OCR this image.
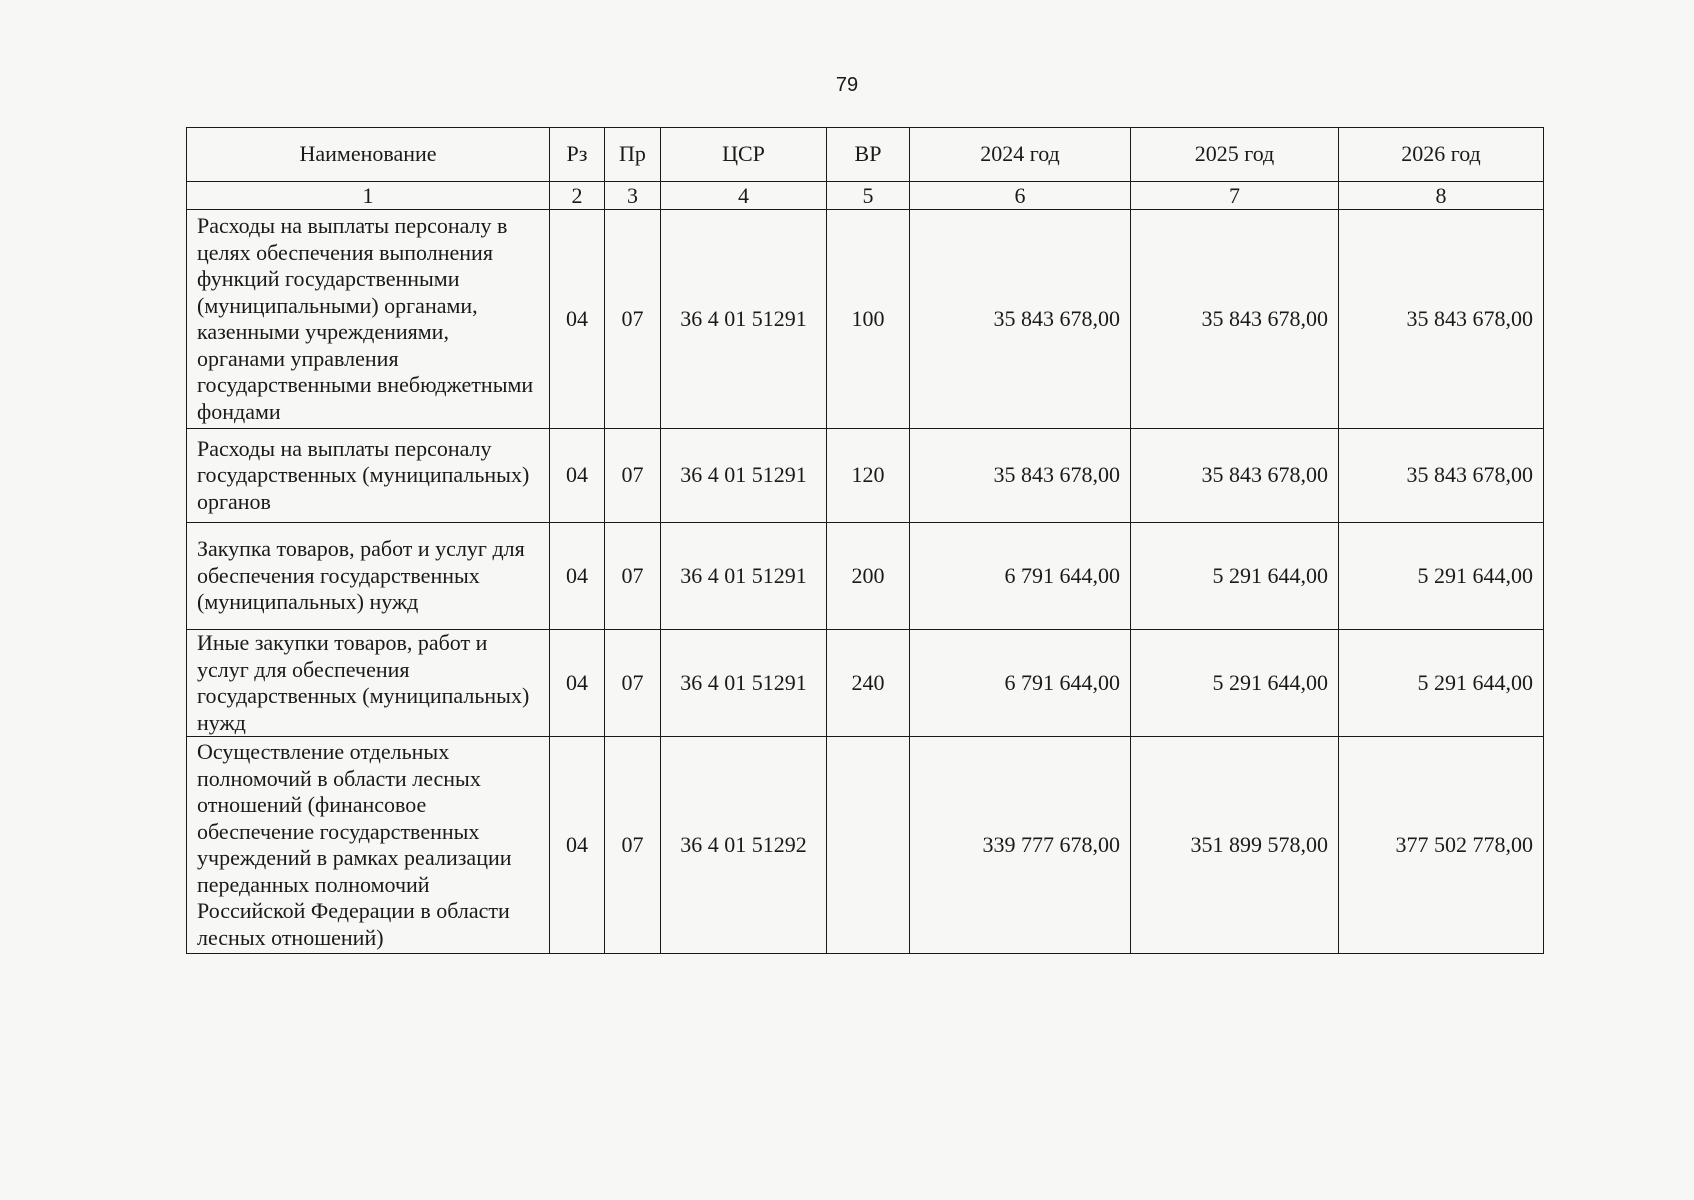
79
Наименование	Рз	Пр	ЦСР	ВР	2024 год	2025 год	2026 год
1	2	3	4	5	6	7	8
Расходы на выплаты персоналу в целях обеспечения выполнения функций государственными (муниципальными) органами, казенными учреждениями, органами управления государственными внебюджетными фондами	04	07	36 4 01 51291	100	35 843 678,00	35 843 678,00	35 843 678,00
Расходы на выплаты персоналу государственных (муниципальных) органов	04	07	36 4 01 51291	120	35 843 678,00	35 843 678,00	35 843 678,00
Закупка товаров, работ и услуг для обеспечения государственных (муниципальных) нужд	04	07	36 4 01 51291	200	6 791 644,00	5 291 644,00	5 291 644,00
Иные закупки товаров, работ и услуг для обеспечения государственных (муниципальных) нужд	04	07	36 4 01 51291	240	6 791 644,00	5 291 644,00	5 291 644,00
Осуществление отдельных полномочий в области лесных отношений (финансовое обеспечение государственных учреждений в рамках реализации переданных полномочий Российской Федерации в области лесных отношений)	04	07	36 4 01 51292		339 777 678,00	351 899 578,00	377 502 778,00
